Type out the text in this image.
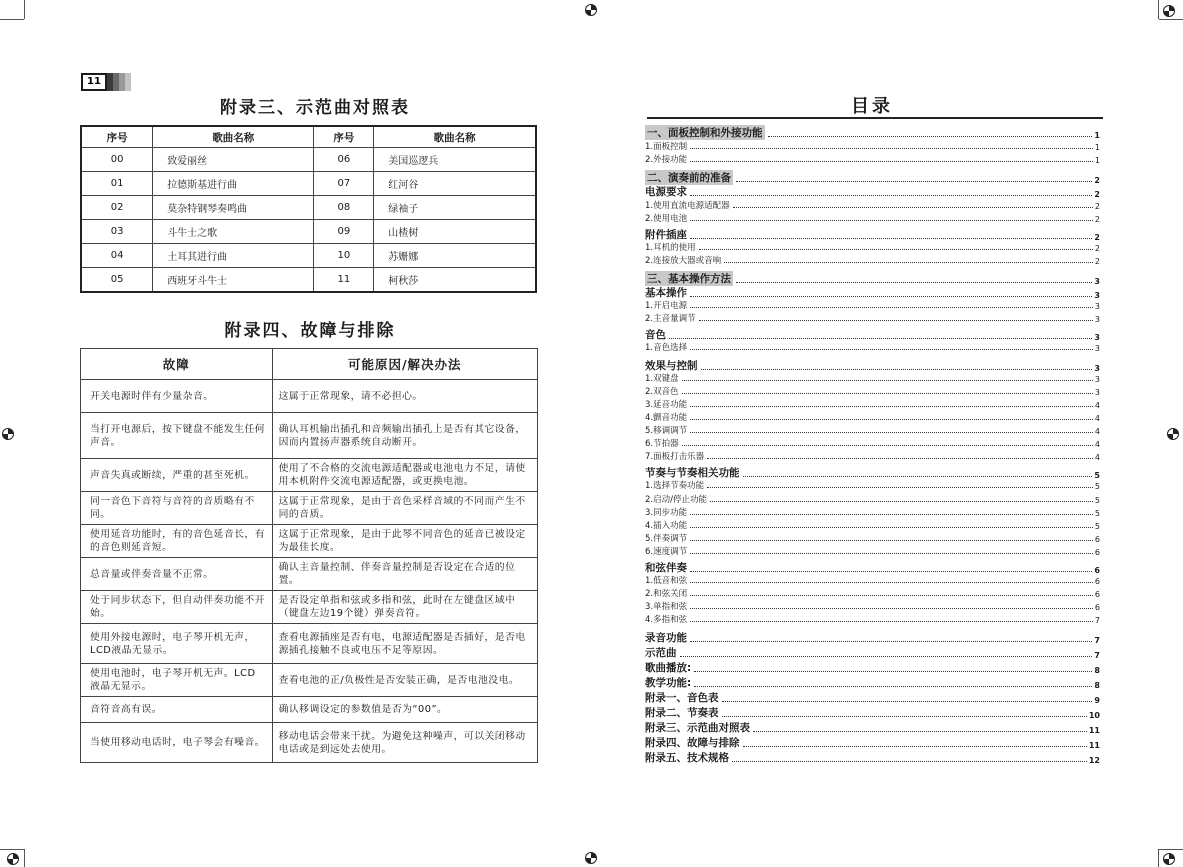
11
附录三、示范曲对照表
序号	歌曲名称	序号	歌曲名称
00	致爱丽丝	06	美国巡逻兵
01	拉德斯基进行曲	07	红河谷
02	莫杂特钢琴奏鸣曲	08	绿袖子
03	斗牛士之歌	09	山楂树
04	土耳其进行曲	10	苏姗娜
05	西班牙斗牛士	11	柯秋莎
附录四、故障与排除
故障	可能原因/解决办法
开关电源时伴有少量杂音。	这属于正常现象，请不必担心。
当打开电源后，按下键盘不能发生任何声音。	确认耳机输出插孔和音频输出插孔上是否有其它设备，因而内置扬声器系统自动断开。
声音失真或断续，严重的甚至死机。	使用了不合格的交流电源适配器或电池电力不足，请使用本机附件交流电源适配器，或更换电池。
同一音色下音符与音符的音质略有不同。	这属于正常现象，是由于音色采样音域的不同而产生不同的音质。
使用延音功能时，有的音色延音长，有的音色则延音短。	这属于正常现象，是由于此琴不同音色的延音已被设定为最佳长度。
总音量或伴奏音量不正常。	确认主音量控制、伴奏音量控制是否设定在合适的位置。
处于同步状态下，但自动伴奏功能不开始。	是否设定单指和弦或多指和弦，此时在左键盘区域中（键盘左边19个键）弹奏音符。
使用外接电源时，电子琴开机无声，LCD液晶无显示。	查看电源插座是否有电，电源适配器是否插好，是否电源插孔接触不良或电压不足等原因。
使用电池时，电子琴开机无声。LCD液晶无显示。	查看电池的正/负极性是否安装正确，是否电池没电。
音符音高有误。	确认移调设定的参数值是否为“00”。
当使用移动电话时，电子琴会有噪音。	移动电话会带来干扰。为避免这种噪声，可以关闭移动电话或是到远处去使用。
目录
一、面板控制和外接功能	1
1.面板控制	1
2.外接功能	1
二、演奏前的准备	2
电源要求	2
1.使用直流电源适配器	2
2.使用电池	2
附件插座	2
1.耳机的使用	2
2.连接放大器或音响	2
三、基本操作方法	3
基本操作	3
1.开启电源	3
2.主音量调节	3
音色	3
1.音色选择	3
效果与控制	3
1.双键盘	3
2.双音色	3
3.延音功能	4
4.颤音功能	4
5.移调调节	4
6.节拍器	4
7.面板打击乐器	4
节奏与节奏相关功能	5
1.选择节奏功能	5
2.启动/停止功能	5
3.同步功能	5
4.插入功能	5
5.伴奏调节	6
6.速度调节	6
和弦伴奏	6
1.低音和弦	6
2.和弦关闭	6
3.单指和弦	6
4.多指和弦	7
录音功能	7
示范曲	7
歌曲播放:	8
教学功能:	8
附录一、音色表	9
附录二、节奏表	10
附录三、示范曲对照表	11
附录四、故障与排除	11
附录五、技术规格	12
